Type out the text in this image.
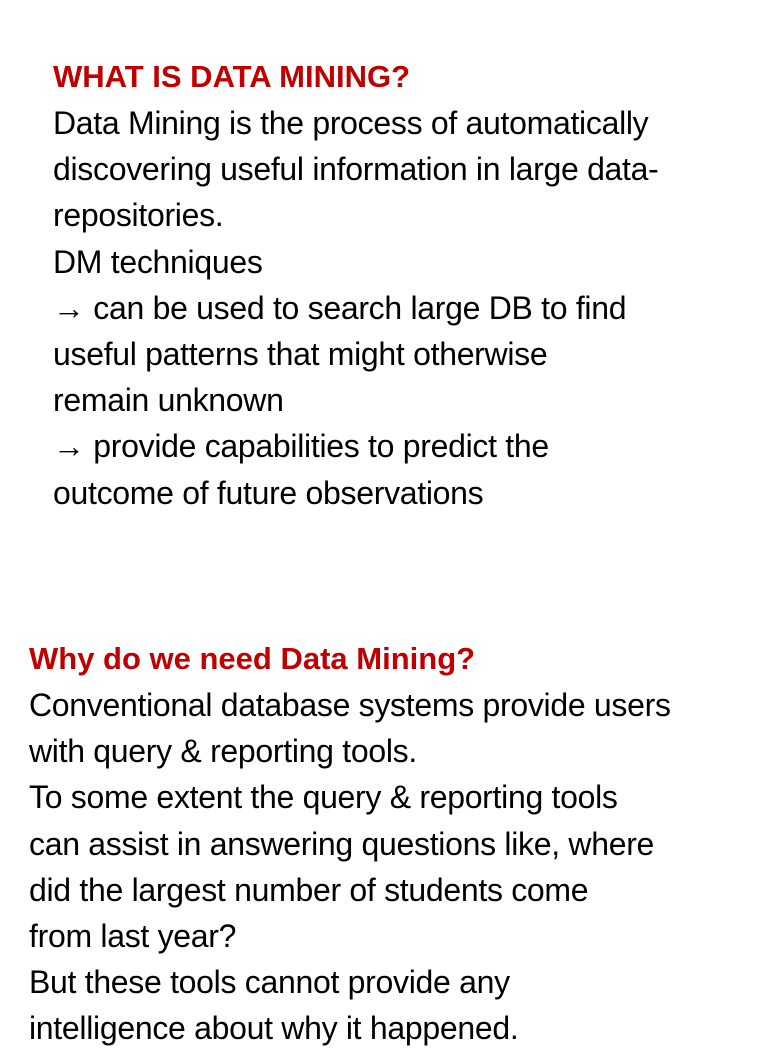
WHAT IS DATA MINING?

Data Mining is the process of automatically

discovering useful information in large data-

repositories.

DM techniques

→ can be used to search large DB to find

useful patterns that might otherwise

remain unknown

→ provide capabilities to predict the

outcome of future observations

Why do we need Data Mining?

Conventional database systems provide users

with query & reporting tools.

To some extent the query & reporting tools

can assist in answering questions like, where

did the largest number of students come

from last year?

But these tools cannot provide any

intelligence about why it happened.
